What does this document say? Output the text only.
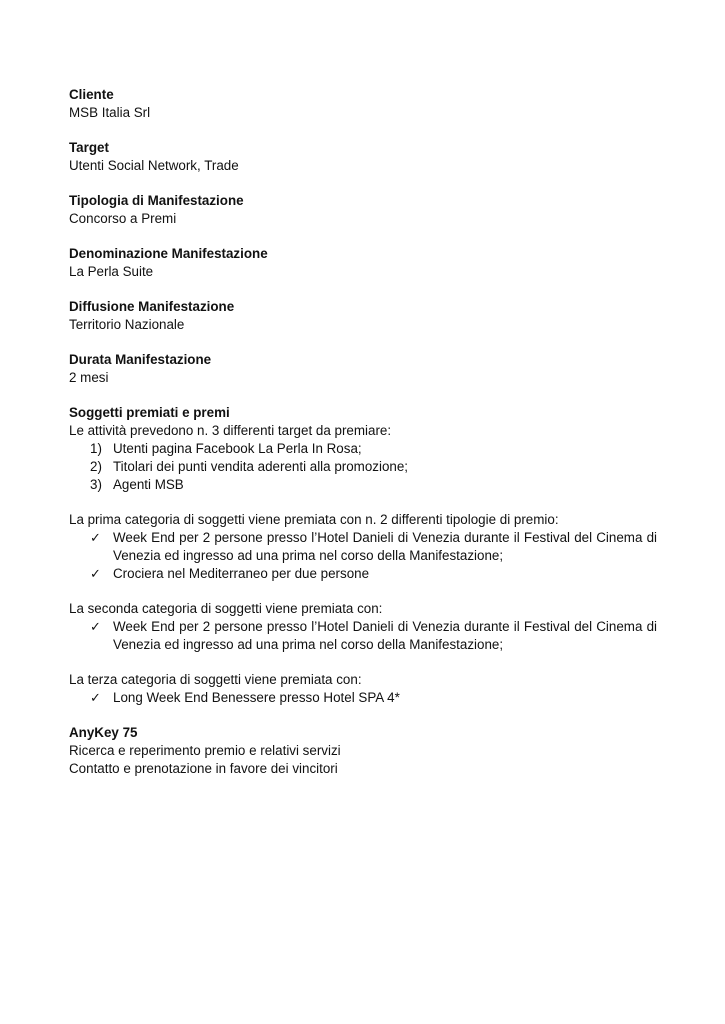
Cliente
MSB Italia Srl
Target
Utenti Social Network, Trade
Tipologia di Manifestazione
Concorso a Premi
Denominazione Manifestazione
La Perla Suite
Diffusione Manifestazione
Territorio Nazionale
Durata Manifestazione
2 mesi
Soggetti premiati e premi
Le attività prevedono n. 3 differenti target da premiare:
1) Utenti pagina Facebook La Perla In Rosa;
2) Titolari dei punti vendita aderenti alla promozione;
3) Agenti MSB
La prima categoria di soggetti viene premiata con n. 2 differenti tipologie di premio:
✓ Week End per 2 persone presso l’Hotel Danieli di Venezia durante il Festival del Cinema di Venezia ed ingresso ad una prima nel corso della Manifestazione;
✓ Crociera nel Mediterraneo per due persone
La seconda categoria di soggetti viene premiata con:
✓ Week End per 2 persone presso l’Hotel Danieli di Venezia durante il Festival del Cinema di Venezia ed ingresso ad una prima nel corso della Manifestazione;
La terza categoria di soggetti viene premiata con:
✓ Long Week End Benessere presso Hotel SPA 4*
AnyKey 75
Ricerca e reperimento premio e relativi servizi
Contatto e prenotazione in favore dei vincitori
